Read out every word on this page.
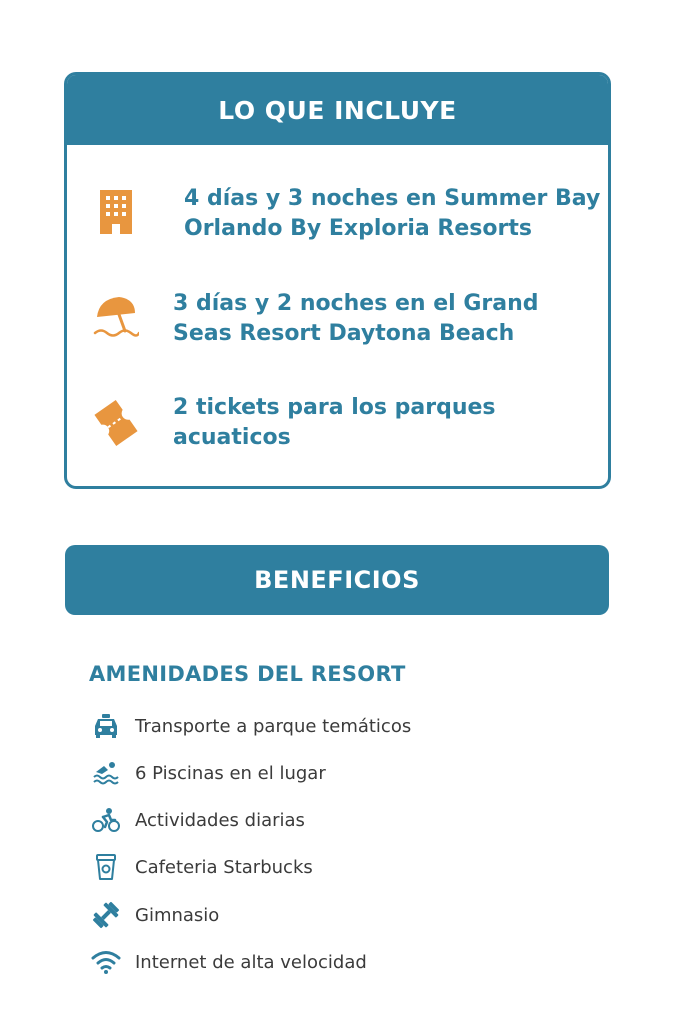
LO QUE INCLUYE
4 días y 3 noches en Summer Bay
Orlando By Exploria Resorts
3 días y 2 noches en el Grand
Seas Resort Daytona Beach
2 tickets para los parques
acuaticos
BENEFICIOS
AMENIDADES DEL RESORT
Transporte a parque temáticos
6 Piscinas en el lugar
Actividades diarias
Cafeteria Starbucks
Gimnasio
Internet de alta velocidad
